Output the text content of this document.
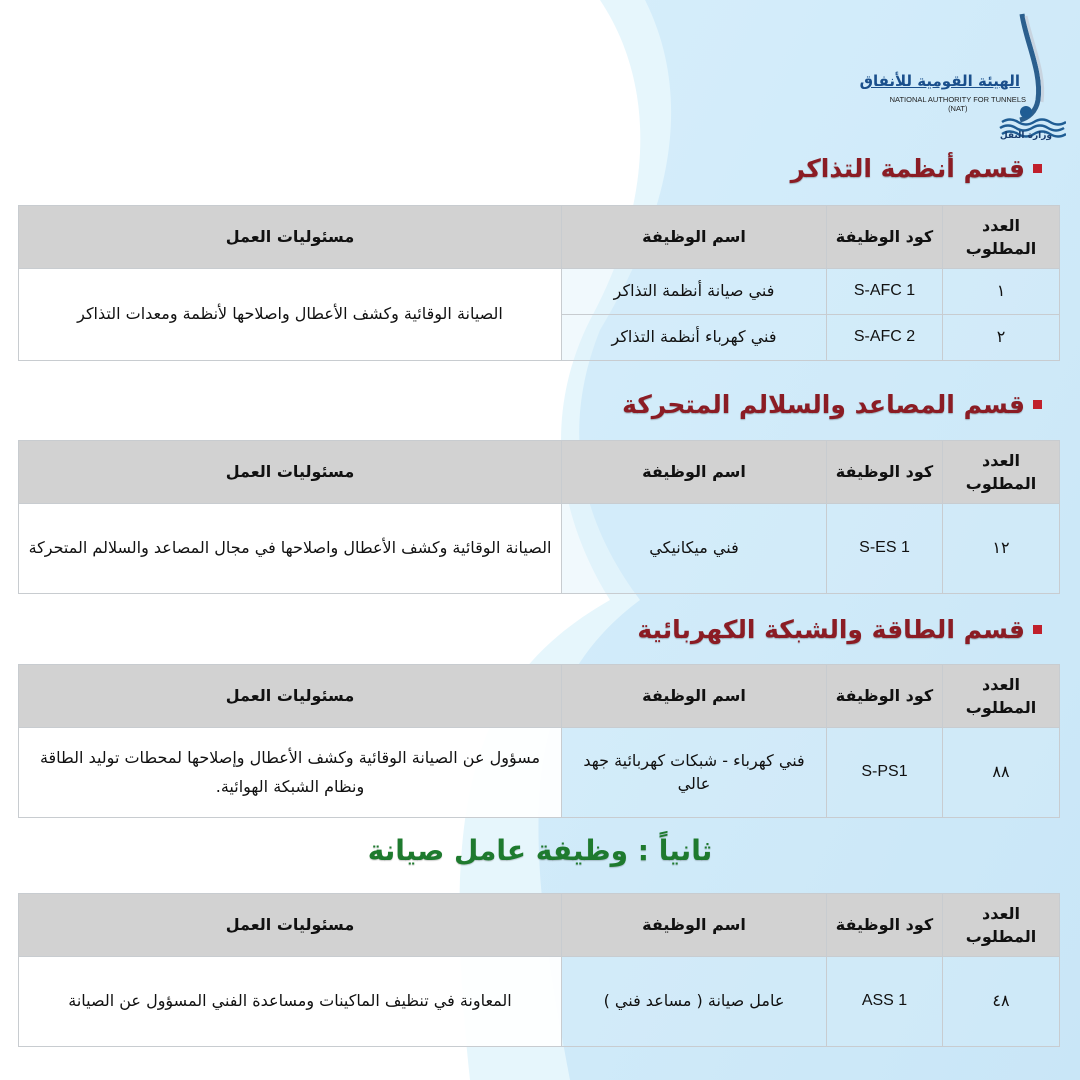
الهيئة القومية للأنفاق
NATIONAL AUTHORITY FOR TUNNELS
(NAT)
وزارة النقل
قسم أنظمة التذاكر
العدد المطلوب	كود الوظيفة	اسم الوظيفة	مسئوليات العمل
١	S-AFC 1	فني صيانة أنظمة التذاكر	الصيانة الوقائية وكشف الأعطال واصلاحها لأنظمة ومعدات التذاكر
٢	S-AFC 2	فني كهرباء أنظمة التذاكر	
قسم المصاعد والسلالم المتحركة
العدد المطلوب	كود الوظيفة	اسم الوظيفة	مسئوليات العمل
١٢	S-ES 1	فني ميكانيكي	الصيانة الوقائية وكشف الأعطال واصلاحها في مجال المصاعد والسلالم المتحركة
قسم الطاقة والشبكة الكهربائية
العدد المطلوب	كود الوظيفة	اسم الوظيفة	مسئوليات العمل
٨٨	S-PS1	فني كهرباء - شبكات كهربائية جهد عالي	مسؤول عن الصيانة الوقائية وكشف الأعطال وإصلاحها لمحطات توليد الطاقة ونظام الشبكة الهوائية.
ثانياً : وظيفة عامل صيانة
العدد المطلوب	كود الوظيفة	اسم الوظيفة	مسئوليات العمل
٤٨	ASS 1	عامل صيانة ( مساعد فني )	المعاونة في تنظيف الماكينات ومساعدة الفني المسؤول عن الصيانة
